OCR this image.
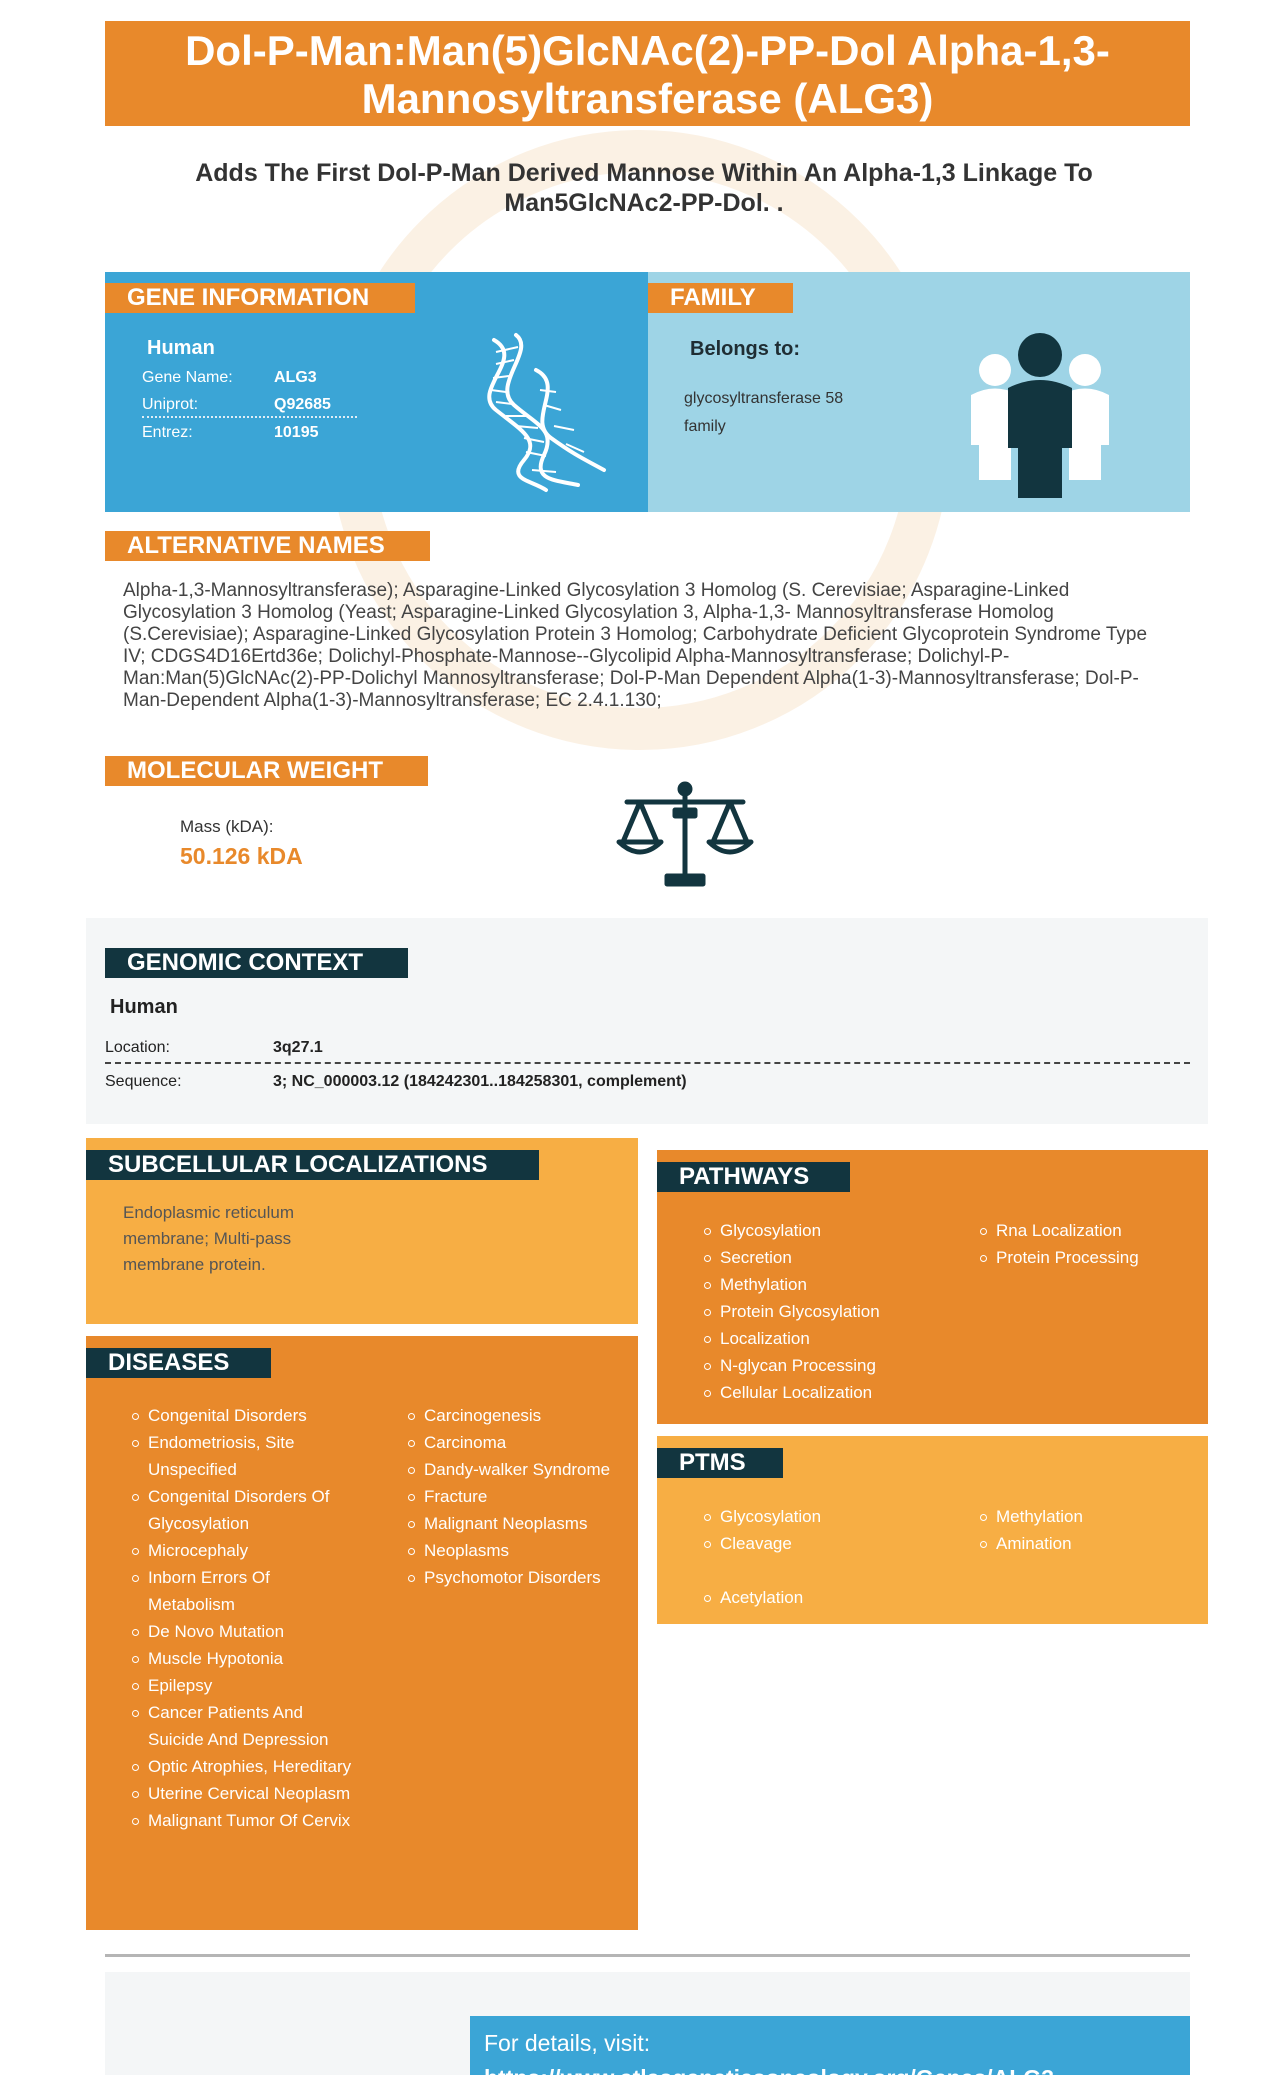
Dol-P-Man:Man(5)GlcNAc(2)-PP-Dol Alpha-1,3-Mannosyltransferase (ALG3)
Adds The First Dol-P-Man Derived Mannose Within An Alpha-1,3 Linkage To Man5GlcNAc2-PP-Dol. .
GENE INFORMATION
Human
Gene Name:	ALG3
Uniprot:	Q92685
Entrez:	10195
FAMILY
Belongs to:
glycosyltransferase 58 family
ALTERNATIVE NAMES
Alpha-1,3-Mannosyltransferase); Asparagine-Linked Glycosylation 3 Homolog (S. Cerevisiae; Asparagine-Linked Glycosylation 3 Homolog (Yeast; Asparagine-Linked Glycosylation 3, Alpha-1,3- Mannosyltransferase Homolog (S.Cerevisiae); Asparagine-Linked Glycosylation Protein 3 Homolog; Carbohydrate Deficient Glycoprotein Syndrome Type IV; CDGS4D16Ertd36e; Dolichyl-Phosphate-Mannose--Glycolipid Alpha-Mannosyltransferase; Dolichyl-P-Man:Man(5)GlcNAc(2)-PP-Dolichyl Mannosyltransferase; Dol-P-Man Dependent Alpha(1-3)-Mannosyltransferase; Dol-P-Man-Dependent Alpha(1-3)-Mannosyltransferase; EC 2.4.1.130;
MOLECULAR WEIGHT
Mass (kDA):
50.126 kDA
GENOMIC CONTEXT
Human
Location:	3q27.1
Sequence:	3; NC_000003.12 (184242301..184258301, complement)
SUBCELLULAR LOCALIZATIONS
Endoplasmic reticulum membrane; Multi-pass membrane protein.
DISEASES
Congenital Disorders
Endometriosis, Site Unspecified
Congenital Disorders Of Glycosylation
Microcephaly
Inborn Errors Of Metabolism
De Novo Mutation
Muscle Hypotonia
Epilepsy
Cancer Patients And Suicide And Depression
Optic Atrophies, Hereditary
Uterine Cervical Neoplasm
Malignant Tumor Of Cervix
Carcinogenesis
Carcinoma
Dandy-walker Syndrome
Fracture
Malignant Neoplasms
Neoplasms
Psychomotor Disorders
PATHWAYS
Glycosylation
Secretion
Methylation
Protein Glycosylation
Localization
N-glycan Processing
Cellular Localization
Rna Localization
Protein Processing
PTMS
Glycosylation
Cleavage
Methylation
Amination
Acetylation
For details, visit:
https://www.atlasgeneticsoncology.org/Genes/ALG3
